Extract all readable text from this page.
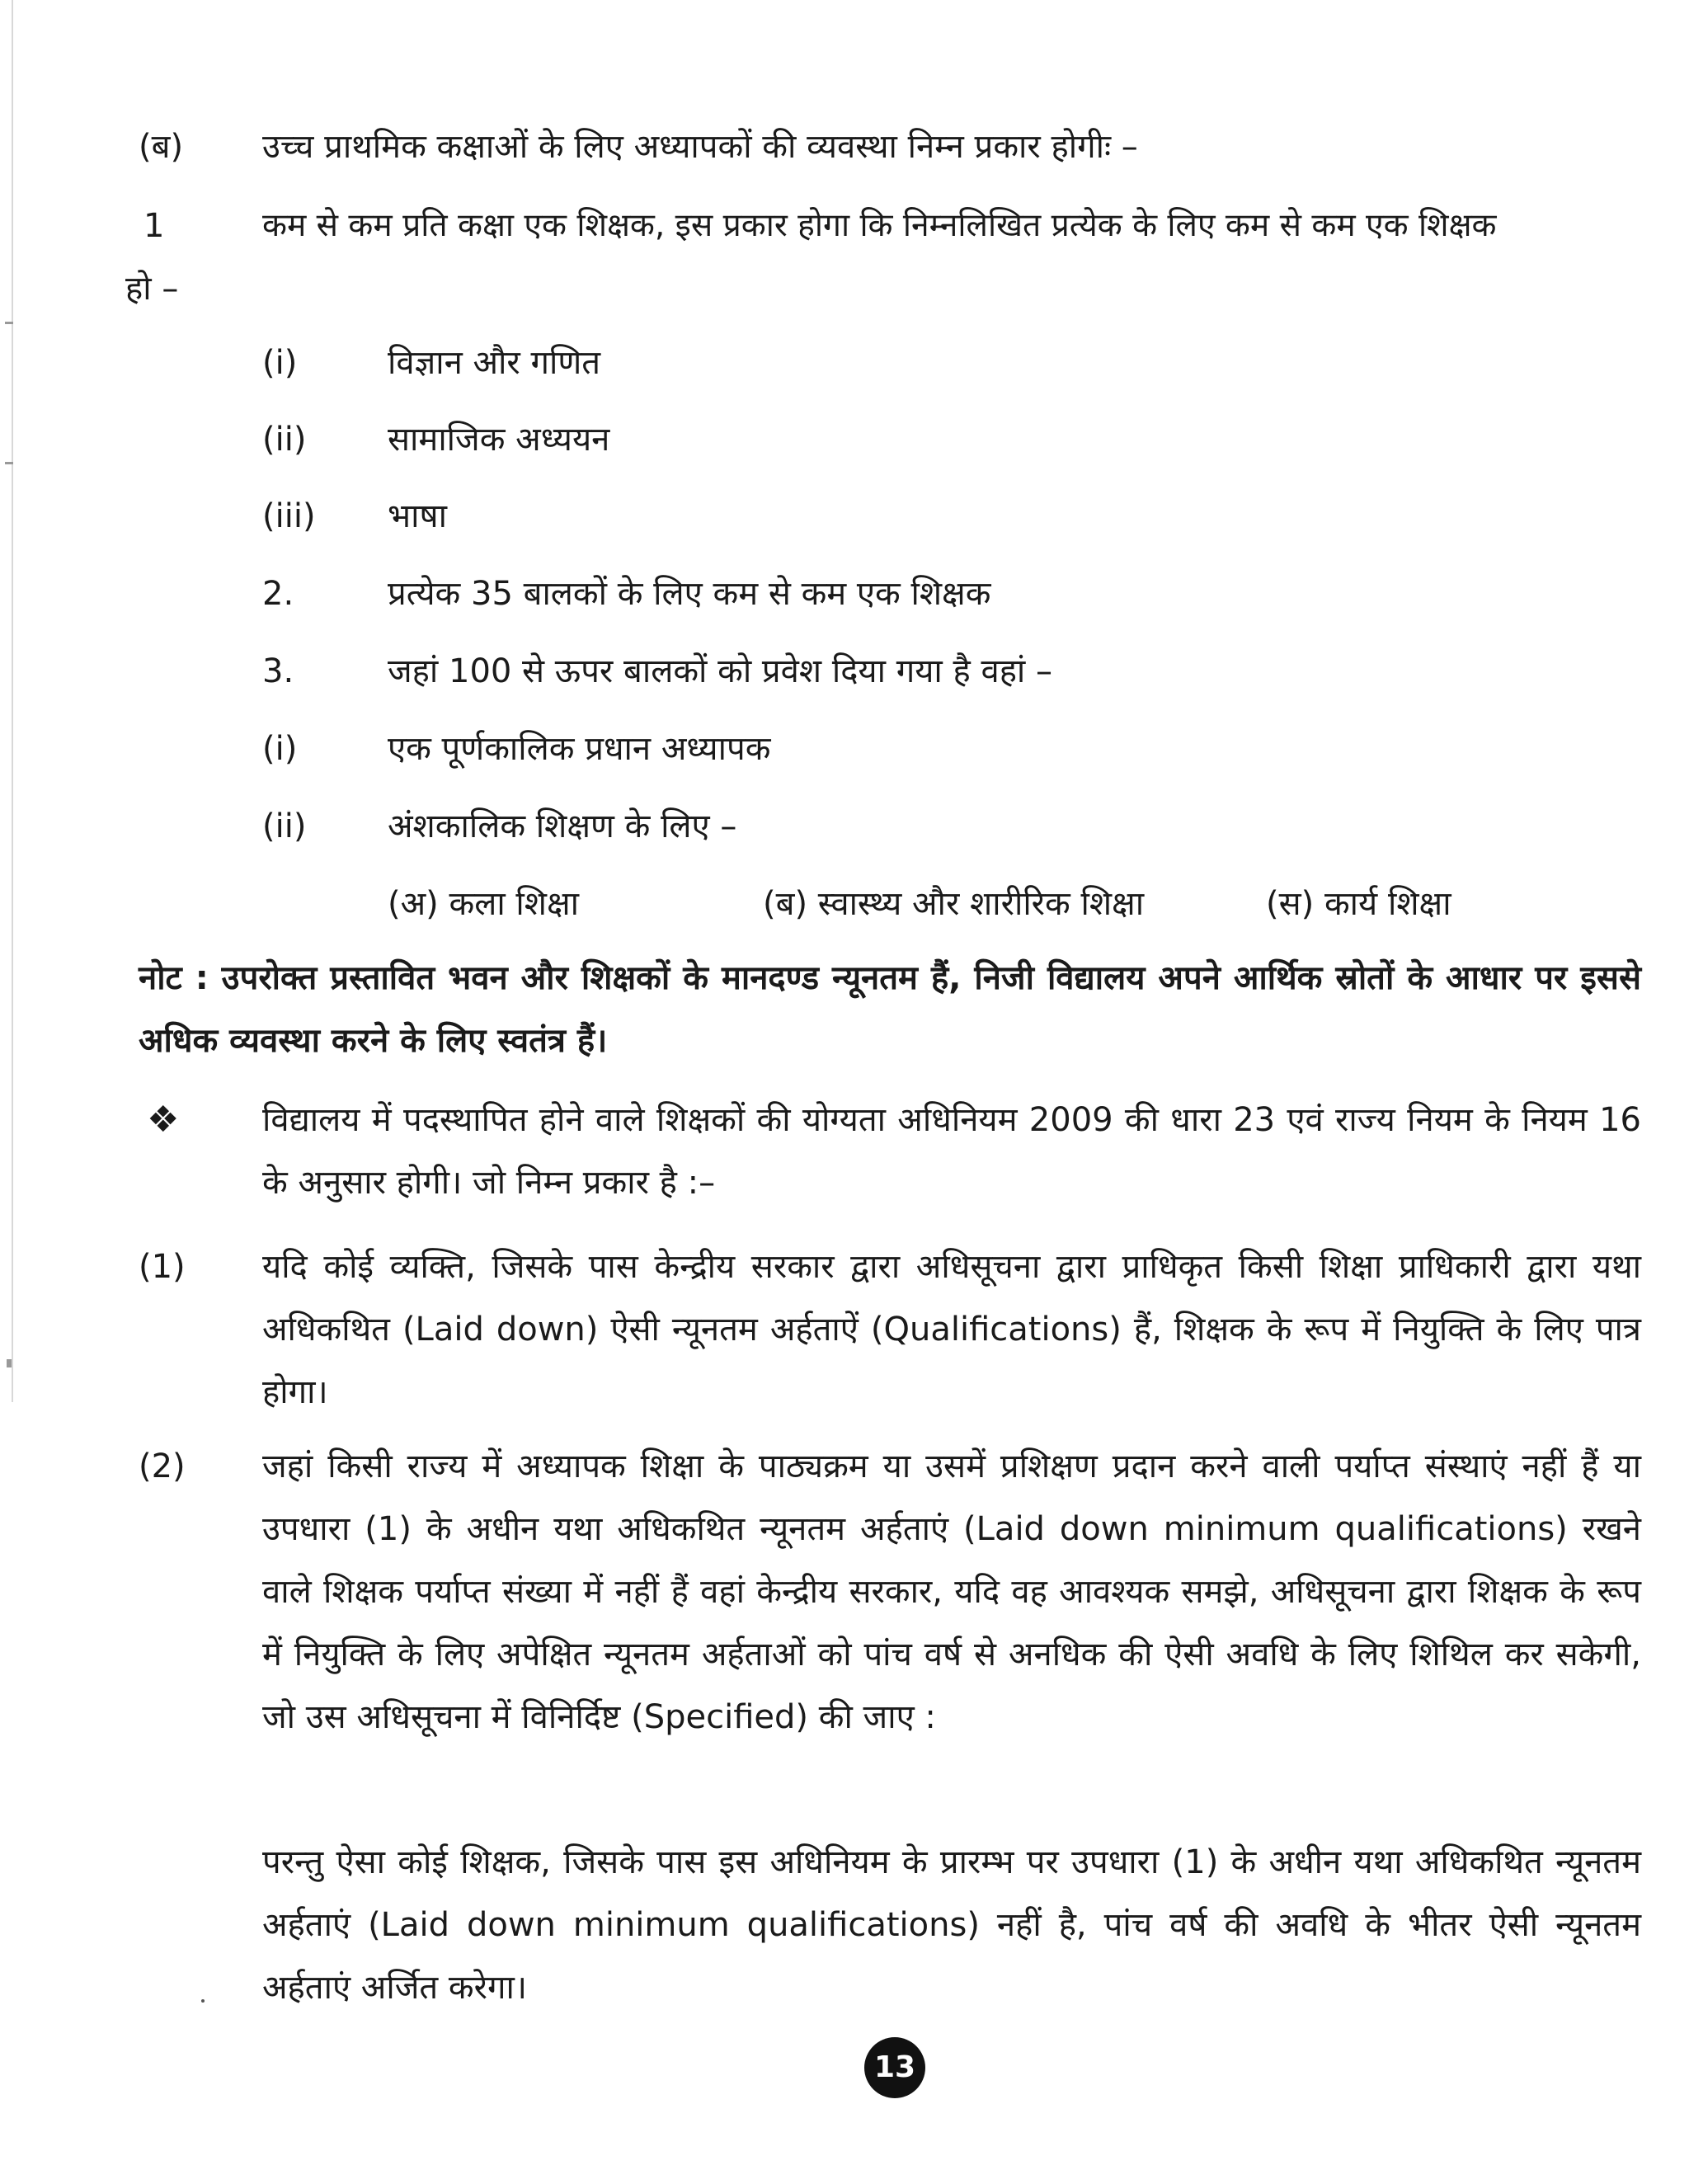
(ब) उच्च प्राथमिक कक्षाओं के लिए अध्यापकों की व्यवस्था निम्न प्रकार होगीः –
1	कम से कम प्रति कक्षा एक शिक्षक, इस प्रकार होगा कि निम्नलिखित प्रत्येक के लिए कम से कम एक शिक्षक
हो –
(i)	विज्ञान और गणित
(ii) सामाजिक अध्ययन
(iii) भाषा
2.	प्रत्येक 35 बालकों के लिए कम से कम एक शिक्षक
3.	जहां 100 से ऊपर बालकों को प्रवेश दिया गया है वहां –
(i)	एक पूर्णकालिक प्रधान अध्यापक
(ii) अंशकालिक शिक्षण के लिए –
(अ) कला शिक्षा	(ब) स्वास्थ्य और शारीरिक शिक्षा	(स) कार्य शिक्षा
नोट : उपरोक्त प्रस्तावित भवन और शिक्षकों के मानदण्ड न्यूनतम हैं, निजी विद्यालय अपने आर्थिक स्रोतों के आधार पर इससे अधिक व्यवस्था करने के लिए स्वतंत्र हैं।
❖	विद्यालय में पदस्थापित होने वाले शिक्षकों की योग्यता अधिनियम 2009 की धारा 23 एवं राज्य नियम के नियम 16 के अनुसार होगी। जो निम्न प्रकार है :–
(1) यदि कोई व्यक्ति, जिसके पास केन्द्रीय सरकार द्वारा अधिसूचना द्वारा प्राधिकृत किसी शिक्षा प्राधिकारी द्वारा यथा अधिकथित (Laid down) ऐसी न्यूनतम अर्हताऐं (Qualifications) हैं, शिक्षक के रूप में नियुक्ति के लिए पात्र होगा।
(2) जहां किसी राज्य में अध्यापक शिक्षा के पाठ्यक्रम या उसमें प्रशिक्षण प्रदान करने वाली पर्याप्त संस्थाएं नहीं हैं या उपधारा (1) के अधीन यथा अधिकथित न्यूनतम अर्हताएं (Laid down minimum qualifications) रखने वाले शिक्षक पर्याप्त संख्या में नहीं हैं वहां केन्द्रीय सरकार, यदि वह आवश्यक समझे, अधिसूचना द्वारा शिक्षक के रूप में नियुक्ति के लिए अपेक्षित न्यूनतम अर्हताओं को पांच वर्ष से अनधिक की ऐसी अवधि के लिए शिथिल कर सकेगी, जो उस अधिसूचना में विनिर्दिष्ट (Specified) की जाए :
परन्तु ऐसा कोई शिक्षक, जिसके पास इस अधिनियम के प्रारम्भ पर उपधारा (1) के अधीन यथा अधिकथित न्यूनतम अर्हताएं (Laid down minimum qualifications) नहीं है, पांच वर्ष की अवधि के भीतर ऐसी न्यूनतम अर्हताएं अर्जित करेगा।
13
